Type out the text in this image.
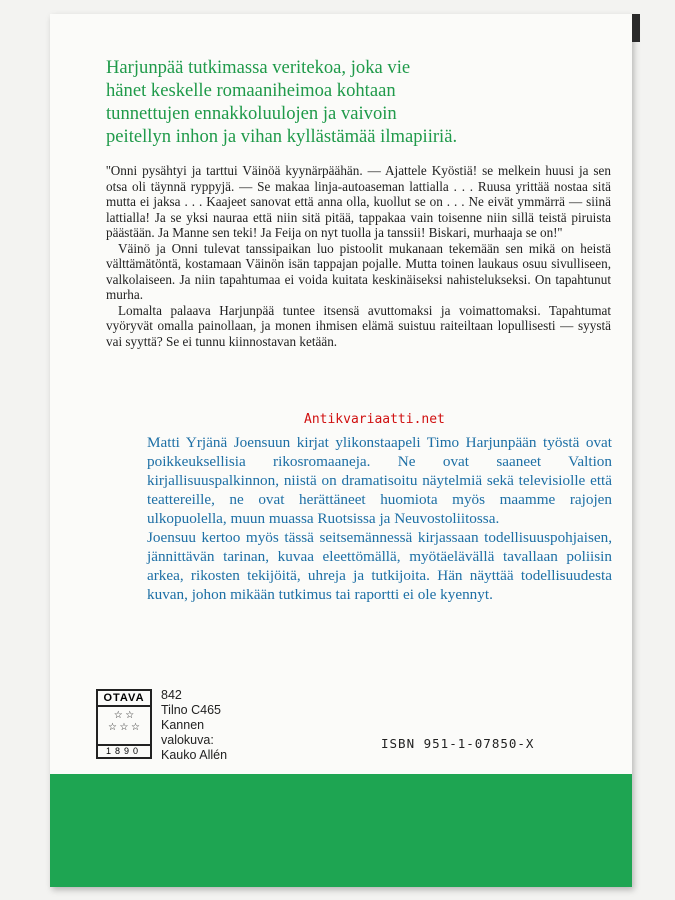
Harjunpää tutkimassa veritekoa, joka vie
hänet keskelle romaaniheimoa kohtaan
tunnettujen ennakkoluulojen ja vaivoin
peitellyn inhon ja vihan kyllästämää ilmapiiriä.

''Onni pysähtyi ja tarttui Väinöä kyynärpäähän. — Ajattele Kyöstiä! se melkein huusi ja sen otsa oli täynnä ryppyjä. — Se makaa linja-autoaseman lattialla . . . Ruusa yrittää nostaa sitä mutta ei jaksa . . . Kaajeet sanovat että anna olla, kuollut se on . . . Ne eivät ymmärrä — siinä lattialla! Ja se yksi nauraa että niin sitä pitää, tappakaa vain toisenne niin sillä teistä piruista päästään. Ja Manne sen teki! Ja Feija on nyt tuolla ja tanssii! Biskari, murhaaja se on!''

Väinö ja Onni tulevat tanssipaikan luo pistoolit mukanaan tekemään sen mikä on heistä välttämätöntä, kostamaan Väinön isän tappajan pojalle. Mutta toinen laukaus osuu sivulliseen, valkolaiseen. Ja niin tapahtumaa ei voida kuitata keskinäiseksi nahistelukseksi. On tapahtunut murha.

Lomalta palaava Harjunpää tuntee itsensä avuttomaksi ja voimattomaksi. Tapahtumat vyöryvät omalla painollaan, ja monen ihmisen elämä suistuu raiteiltaan lopullisesti — syystä vai syyttä? Se ei tunnu kiinnostavan ketään.

Antikvariaatti.net

Matti Yrjänä Joensuun kirjat ylikonstaapeli Timo Harjunpään työstä ovat poikkeuksellisia rikosromaaneja. Ne ovat saaneet Valtion kirjallisuuspalkinnon, niistä on dramatisoitu näytelmiä sekä televisiolle että teattereille, ne ovat herättäneet huomiota myös maamme rajojen ulkopuolella, muun muassa Ruotsissa ja Neuvostoliitossa.

Joensuu kertoo myös tässä seitsemännessä kirjassaan todellisuuspohjaisen, jännittävän tarinan, kuvaa eleettömällä, myötäelävällä tavallaan poliisin arkea, rikosten tekijöitä, uhreja ja tutkijoita. Hän näyttää todellisuudesta kuvan, johon mikään tutkimus tai raportti ei ole kyennyt.

OTAVA
☆ ☆
☆ ☆ ☆
1890
842
Tilno C465
Kannen
valokuva:
Kauko Allén
ISBN 951-1-07850-X
